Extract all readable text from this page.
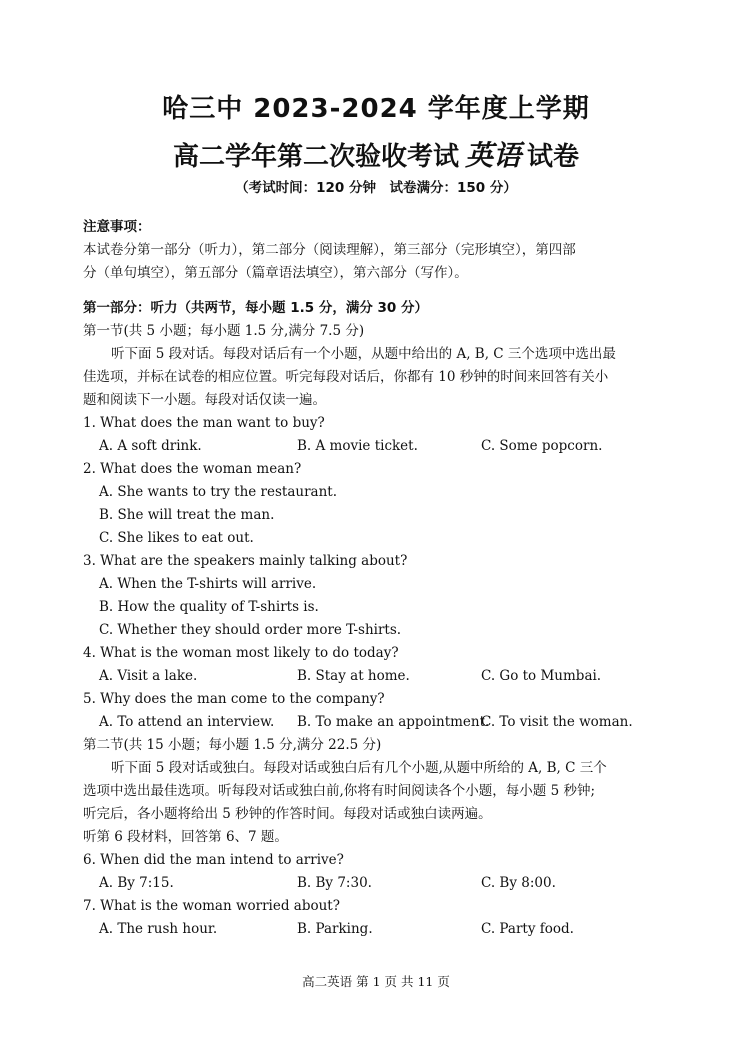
哈三中 2023-2024 学年度上学期
高二学年第二次验收考试 英语 试卷
（考试时间：120 分钟　试卷满分：150 分）
注意事项：
本试卷分第一部分（听力），第二部分（阅读理解），第三部分（完形填空），第四部
分（单句填空），第五部分（篇章语法填空），第六部分（写作）。
第一部分：听力（共两节，每小题 1.5 分，满分 30 分）
第一节(共 5 小题；每小题 1.5 分,满分 7.5 分)
听下面 5 段对话。每段对话后有一个小题，从题中给出的 A, B, C 三个选项中选出最
佳选项，并标在试卷的相应位置。听完每段对话后，你都有 10 秒钟的时间来回答有关小
题和阅读下一小题。每段对话仅读一遍。
1. What does the man want to buy?
A. A soft drink.	B. A movie ticket.	C. Some popcorn.
2. What does the woman mean?
A. She wants to try the restaurant.
B. She will treat the man.
C. She likes to eat out.
3. What are the speakers mainly talking about?
A. When the T-shirts will arrive.
B. How the quality of T-shirts is.
C. Whether they should order more T-shirts.
4. What is the woman most likely to do today?
A. Visit a lake.	B. Stay at home.	C. Go to Mumbai.
5. Why does the man come to the company?
A. To attend an interview.	B. To make an appointment.
C. To visit the woman.
第二节(共 15 小题；每小题 1.5 分,满分 22.5 分)
听下面 5 段对话或独白。每段对话或独白后有几个小题,从题中所给的 A, B, C 三个
选项中选出最佳选项。听每段对话或独白前,你将有时间阅读各个小题，每小题 5 秒钟;
听完后，各小题将给出 5 秒钟的作答时间。每段对话或独白读两遍。
听第 6 段材料，回答第 6、7 题。
6. When did the man intend to arrive?
A. By 7:15.	B. By 7:30.	C. By 8:00.
7. What is the woman worried about?
A. The rush hour.	B. Parking.	C. Party food.
高二英语 第 1 页 共 11 页
